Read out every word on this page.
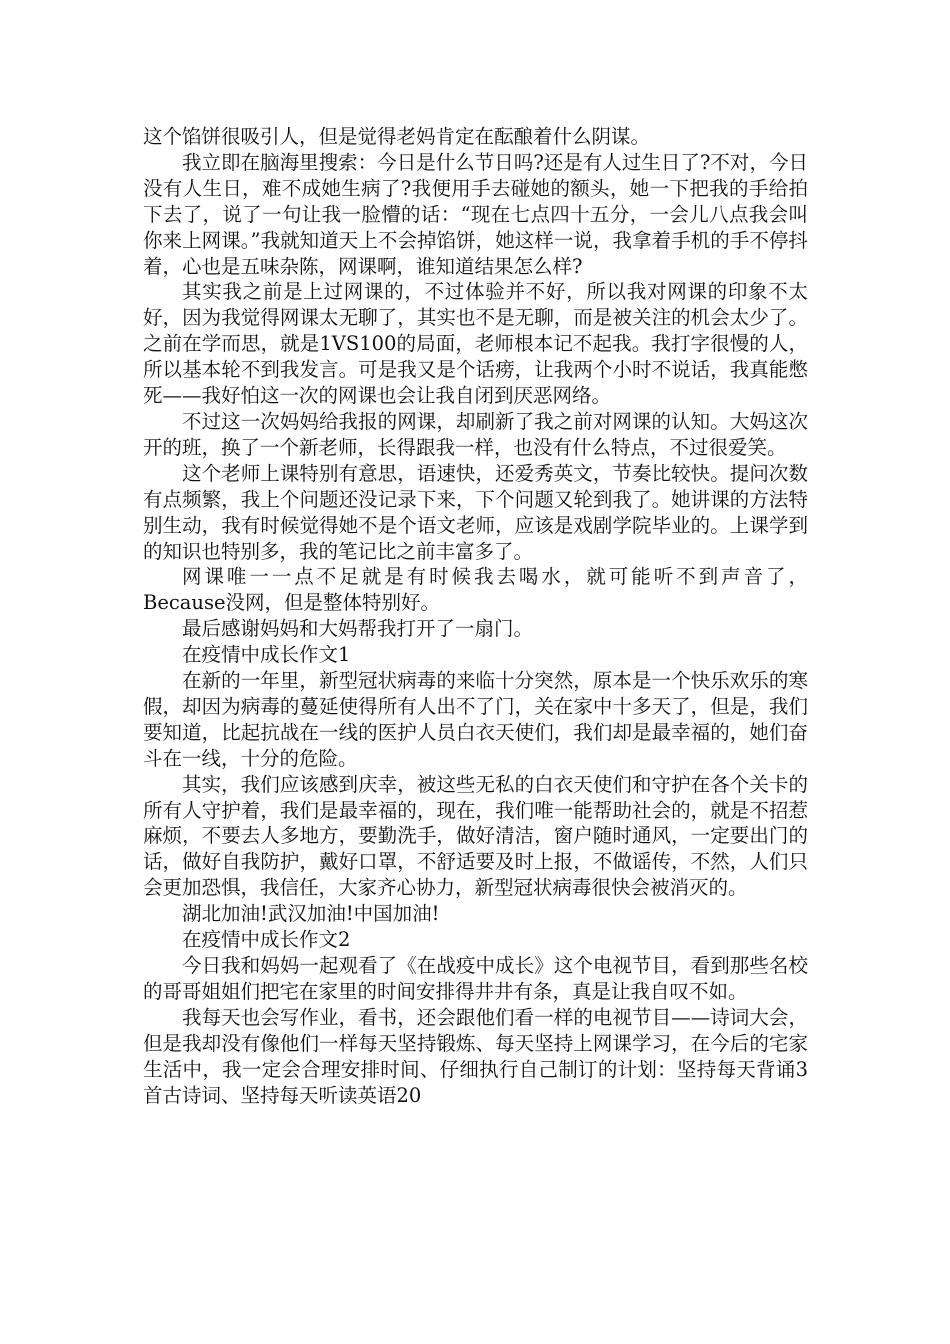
这个馅饼很吸引人，但是觉得老妈肯定在酝酿着什么阴谋。

我立即在脑海里搜索：今日是什么节日吗?还是有人过生日了?不对，今日没有人生日，难不成她生病了?我便用手去碰她的额头，她一下把我的手给拍下去了，说了一句让我一脸懵的话：“现在七点四十五分，一会儿八点我会叫你来上网课。”我就知道天上不会掉馅饼，她这样一说，我拿着手机的手不停抖着，心也是五味杂陈，网课啊，谁知道结果怎么样?

其实我之前是上过网课的，不过体验并不好，所以我对网课的印象不太好，因为我觉得网课太无聊了，其实也不是无聊，而是被关注的机会太少了。之前在学而思，就是1VS100的局面，老师根本记不起我。我打字很慢的人，所以基本轮不到我发言。可是我又是个话痨，让我两个小时不说话，我真能憋死——我好怕这一次的网课也会让我自闭到厌恶网络。

不过这一次妈妈给我报的网课，却刷新了我之前对网课的认知。大妈这次开的班，换了一个新老师，长得跟我一样，也没有什么特点，不过很爱笑。

这个老师上课特别有意思，语速快，还爱秀英文，节奏比较快。提问次数有点频繁，我上个问题还没记录下来，下个问题又轮到我了。她讲课的方法特别生动，我有时候觉得她不是个语文老师，应该是戏剧学院毕业的。上课学到的知识也特别多，我的笔记比之前丰富多了。

网课唯一一点不足就是有时候我去喝水，就可能听不到声音了，Because没网，但是整体特别好。

最后感谢妈妈和大妈帮我打开了一扇门。

在疫情中成长作文1

在新的一年里，新型冠状病毒的来临十分突然，原本是一个快乐欢乐的寒假，却因为病毒的蔓延使得所有人出不了门，关在家中十多天了，但是，我们要知道，比起抗战在一线的医护人员白衣天使们，我们却是最幸福的，她们奋斗在一线，十分的危险。

其实，我们应该感到庆幸，被这些无私的白衣天使们和守护在各个关卡的所有人守护着，我们是最幸福的，现在，我们唯一能帮助社会的，就是不招惹麻烦，不要去人多地方，要勤洗手，做好清洁，窗户随时通风，一定要出门的话，做好自我防护，戴好口罩，不舒适要及时上报，不做谣传，不然，人们只会更加恐惧，我信任，大家齐心协力，新型冠状病毒很快会被消灭的。

湖北加油!武汉加油!中国加油!

在疫情中成长作文2

今日我和妈妈一起观看了《在战疫中成长》这个电视节目，看到那些名校的哥哥姐姐们把宅在家里的时间安排得井井有条，真是让我自叹不如。

我每天也会写作业，看书，还会跟他们看一样的电视节目——诗词大会，但是我却没有像他们一样每天坚持锻炼、每天坚持上网课学习，在今后的宅家生活中，我一定会合理安排时间、仔细执行自己制订的计划：坚持每天背诵3首古诗词、坚持每天听读英语20
